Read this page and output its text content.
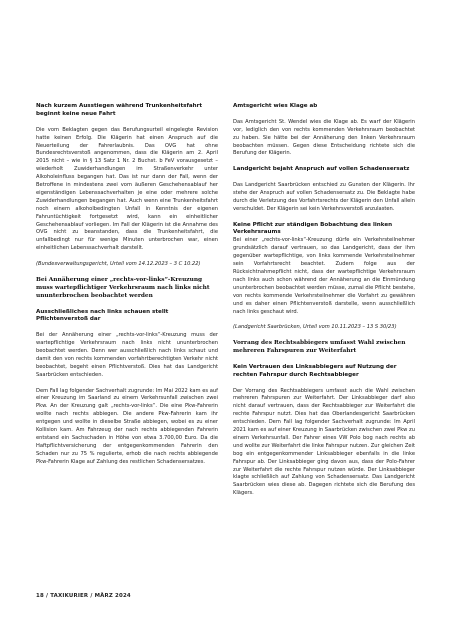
Nach kurzem Ausstiegen während Trunkenheitsfahrt beginnt keine neue Fahrt

Die vom Beklagten gegen das Berufungsurteil eingelegte Revision hatte keinen Erfolg. Die Klägerin hat einen Anspruch auf die Neuerteilung der Fahrerlaubnis. Das OVG hat ohne Bundesrechtsverstoß angenommen, dass die Klägerin am 2. April 2015 nicht – wie in § 13 Satz 1 Nr. 2 Buchst. b FeV vorausgesetzt – wiederholt Zuwiderhandlungen im Straßenverkehr unter Alkoholeinfluss begangen hat. Das ist nur dann der Fall, wenn der Betroffene in mindestens zwei vom äußeren Geschehensablauf her eigenständigen Lebenssachverhalten je eine oder mehrere solche Zuwiderhandlungen begangen hat. Auch wenn eine Trunkenheitsfahrt noch einem alkoholbedingten Unfall in Kenntnis der eigenen Fahruntüchtigkeit fortgesetzt wird, kann ein einheitlicher Geschehensablauf vorliegen. Im Fall der Klägerin ist die Annahme des OVG nicht zu beanstanden, dass die Trunkenheitsfahrt, die unfallbedingt nur für wenige Minuten unterbrochen war, einen einheitlichen Lebenssachverhalt darstellt.

(Bundesverwaltungsgericht, Urteil vom 14.12.2023 – 3 C 10.22)

Bei Annäherung einer „rechts-vor-links“-Kreuzung muss wartepflichtiger Verkehrsraum nach links nicht ununterbrochen beobachtet werden

Ausschließliches nach links schauen stellt Pflichtenverstoß dar

Bei der Annäherung einer „rechts-vor-links“-Kreuzung muss der wartepflichtige Verkehrsraum nach links nicht ununterbrochen beobachtet werden. Denn wer ausschließlich nach links schaut und damit den von rechts kommenden vorfahrtberechtigten Verkehr nicht beobachtet, begeht einen Pflichtverstoß. Dies hat das Landgericht Saarbrücken entschieden.

Dem Fall lag folgender Sachverhalt zugrunde: Im Mai 2022 kam es auf einer Kreuzung im Saarland zu einem Verkehrsunfall zwischen zwei Pkw. An der Kreuzung galt „rechts-vor-links“. Die eine Pkw-Fahrerin wollte nach rechts abbiegen. Die andere Pkw-Fahrerin kam ihr entgegen und wollte in dieselbe Straße abbiegen, wobei es zu einer Kollision kam. Am Fahrzeug der nach rechts abbiegenden Fahrerin entstand ein Sachschaden in Höhe von etwa 3.700,00 Euro. Da die Haftpflichtversicherung der entgegenkommenden Fahrerin den Schaden nur zu 75 % regulierte, erhob die nach rechts abbiegende Pkw-Fahrerin Klage auf Zahlung des restlichen Schadensersatzes.

Amtsgericht wies Klage ab

Das Amtsgericht St. Wendel wies die Klage ab. Es warf der Klägerin vor, lediglich den von rechts kommenden Verkehrsraum beobachtet zu haben. Sie hätte bei der Annäherung den linken Verkehrsraum beobachten müssen. Gegen diese Entscheidung richtete sich die Berufung der Klägerin.

Landgericht bejaht Anspruch auf vollen Schadensersatz

Das Landgericht Saarbrücken entschied zu Gunsten der Klägerin. Ihr stehe der Anspruch auf vollen Schadensersatz zu. Die Beklagte habe durch die Verletzung des Vorfahrtsrechts der Klägerin den Unfall allein verschuldet. Der Klägerin sei kein Verkehrsverstoß anzulasten.

Keine Pflicht zur ständigen Bobachtung des linken Verkehrsraums

Bei einer „rechts-vor-links“-Kreuzung dürfe ein Verkehrsteilnehmer grundsätzlich darauf vertrauen, so das Landgericht, dass der ihm gegenüber wartepflichtige, von links kommende Verkehrsteilnehmer sein Vorfahrtsrecht beachtet. Zudem folge aus der Rücksichtnahmepflicht nicht, dass der wartepflichtige Verkehrsraum nach links auch schon während der Annäherung an die Einmündung ununterbrochen beobachtet werden müsse, zumal die Pflicht bestehe, von rechts kommende Verkehrsteilnehmer die Vorfahrt zu gewähren und es daher einen Pflichtenverstoß darstelle, wenn ausschließlich nach links geschaut wird.

(Landgericht Saarbrücken, Urteil vom 10.11.2023 – 13 S 30/23)

Vorrang des Rechtsabbiegers umfasst Wahl zwischen mehreren Fahrspuren zur Weiterfahrt

Kein Vertrauen des Linksabbiegers auf Nutzung der rechten Fahrspur durch Rechtsabbieger

Der Vorrang des Rechtsabbiegers umfasst auch die Wahl zwischen mehreren Fahrspuren zur Weiterfahrt. Der Linksabbieger darf also nicht darauf vertrauen, dass der Rechtsabbieger zur Weiterfahrt die rechte Fahrspur nutzt. Dies hat das Oberlandesgericht Saarbrücken entschieden. Dem Fall lag folgender Sachverhalt zugrunde: Im April 2021 kam es auf einer Kreuzung in Saarbrücken zwischen zwei Pkw zu einem Verkehrsunfall. Der Fahrer eines VW Polo bog nach rechts ab und wollte zur Weiterfahrt die linke Fahrspur nutzen. Zur gleichen Zeit bog ein entgegenkommender Linksabbieger ebenfalls in die linke Fahrspur ab. Der Linksabbieger ging davon aus, dass der Polo-Fahrer zur Weiterfahrt die rechte Fahrspur nutzen würde. Der Linksabbieger klagte schließlich auf Zahlung von Schadensersatz. Das Landgericht Saarbrücken wies diese ab. Dagegen richtete sich die Berufung des Klägers.

18 / TAXIKURIER / MÄRZ 2024
